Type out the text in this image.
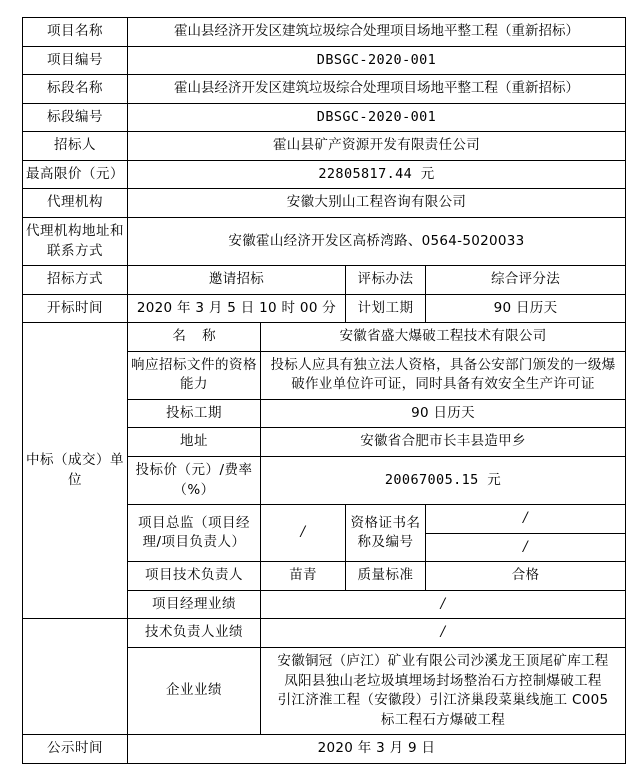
项目名称	霍山县经济开发区建筑垃圾综合处理项目场地平整工程（重新招标）			
项目编号	DBSGC-2020-001			
标段名称	霍山县经济开发区建筑垃圾综合处理项目场地平整工程（重新招标）			
标段编号	DBSGC-2020-001			
招标人	霍山县矿产资源开发有限责任公司			
最高限价（元）	22805817.44 元			
代理机构	安徽大别山工程咨询有限公司			
代理机构地址和联系方式	安徽霍山经济开发区高桥湾路、0564-5020033			
招标方式	邀请招标		评标办法	综合评分法
开标时间	2020 年 3 月 5 日 10 时 00 分		计划工期	90 日历天
中标（成交）单位	名 称	安徽省盛大爆破工程技术有限公司		
	响应招标文件的资格能力	投标人应具有独立法人资格，具备公安部门颁发的一级爆破作业单位许可证，同时具备有效安全生产许可证		
	投标工期	90 日历天		
	地址	安徽省合肥市长丰县造甲乡		
	投标价（元）/费率（%）	20067005.15 元		
	项目总监（项目经理/项目负责人）	/	资格证书名称及编号	/
				/
	项目技术负责人	苗青	质量标准	合格
	项目经理业绩	/		
	技术负责人业绩	/		
	企业业绩	安徽铜冠（庐江）矿业有限公司沙溪龙王顶尾矿库工程
凤阳县独山老垃圾填埋场封场整治石方控制爆破工程
引江济淮工程（安徽段）引江济巢段菜巢线施工 C005
标工程石方爆破工程		

公示时间	2020 年 3 月 9 日			
